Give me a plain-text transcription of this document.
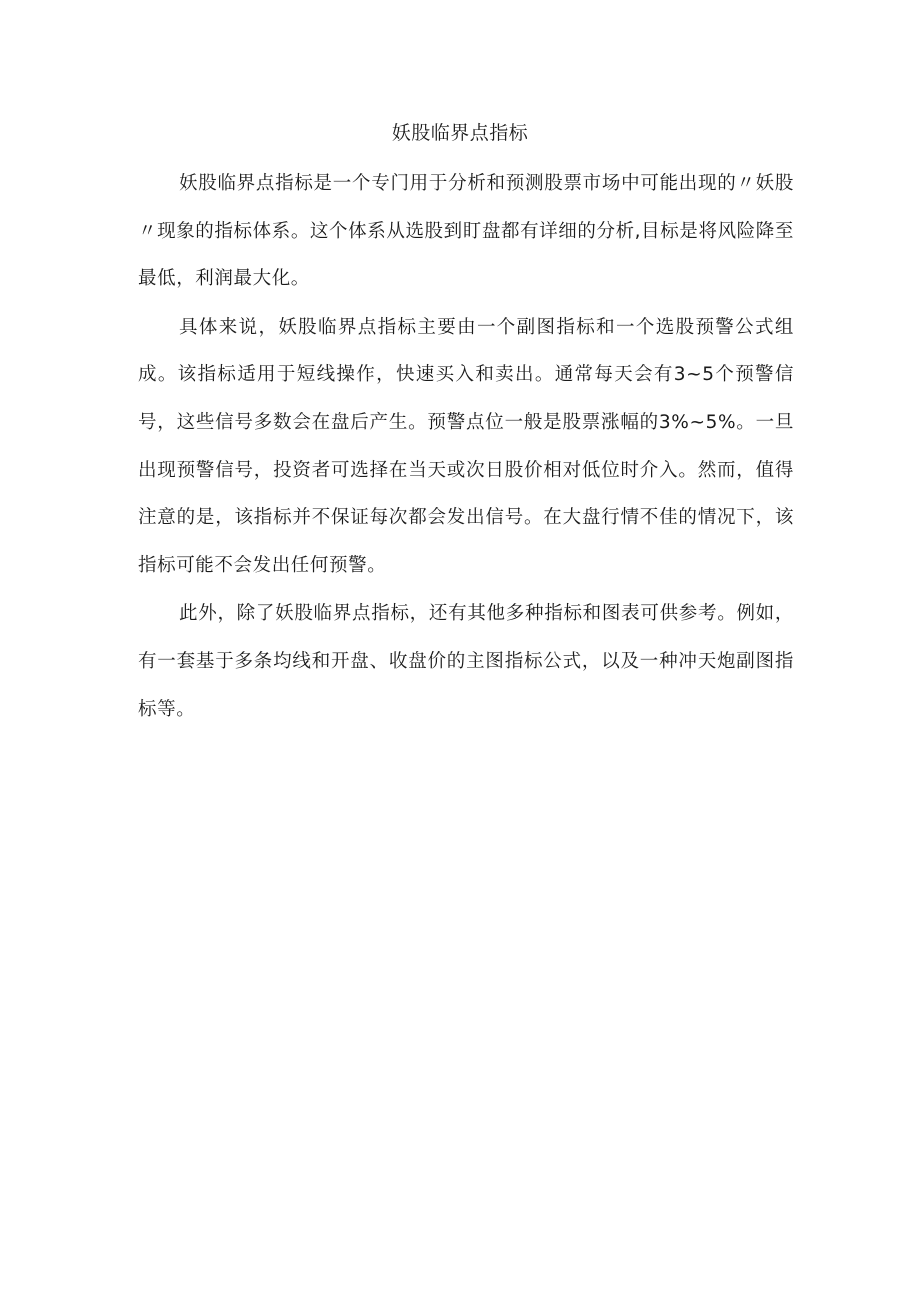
妖股临界点指标

妖股临界点指标是一个专门用于分析和预测股票市场中可能出现的〃妖股〃现象的指标体系。这个体系从选股到盯盘都有详细的分析,目标是将风险降至最低，利润最大化。

具体来说，妖股临界点指标主要由一个副图指标和一个选股预警公式组成。该指标适用于短线操作，快速买入和卖出。通常每天会有3~5个预警信号，这些信号多数会在盘后产生。预警点位一般是股票涨幅的3%~5%。一旦出现预警信号，投资者可选择在当天或次日股价相对低位时介入。然而，值得注意的是，该指标并不保证每次都会发出信号。在大盘行情不佳的情况下，该指标可能不会发出任何预警。

此外，除了妖股临界点指标，还有其他多种指标和图表可供参考。例如，有一套基于多条均线和开盘、收盘价的主图指标公式，以及一种冲天炮副图指标等。
